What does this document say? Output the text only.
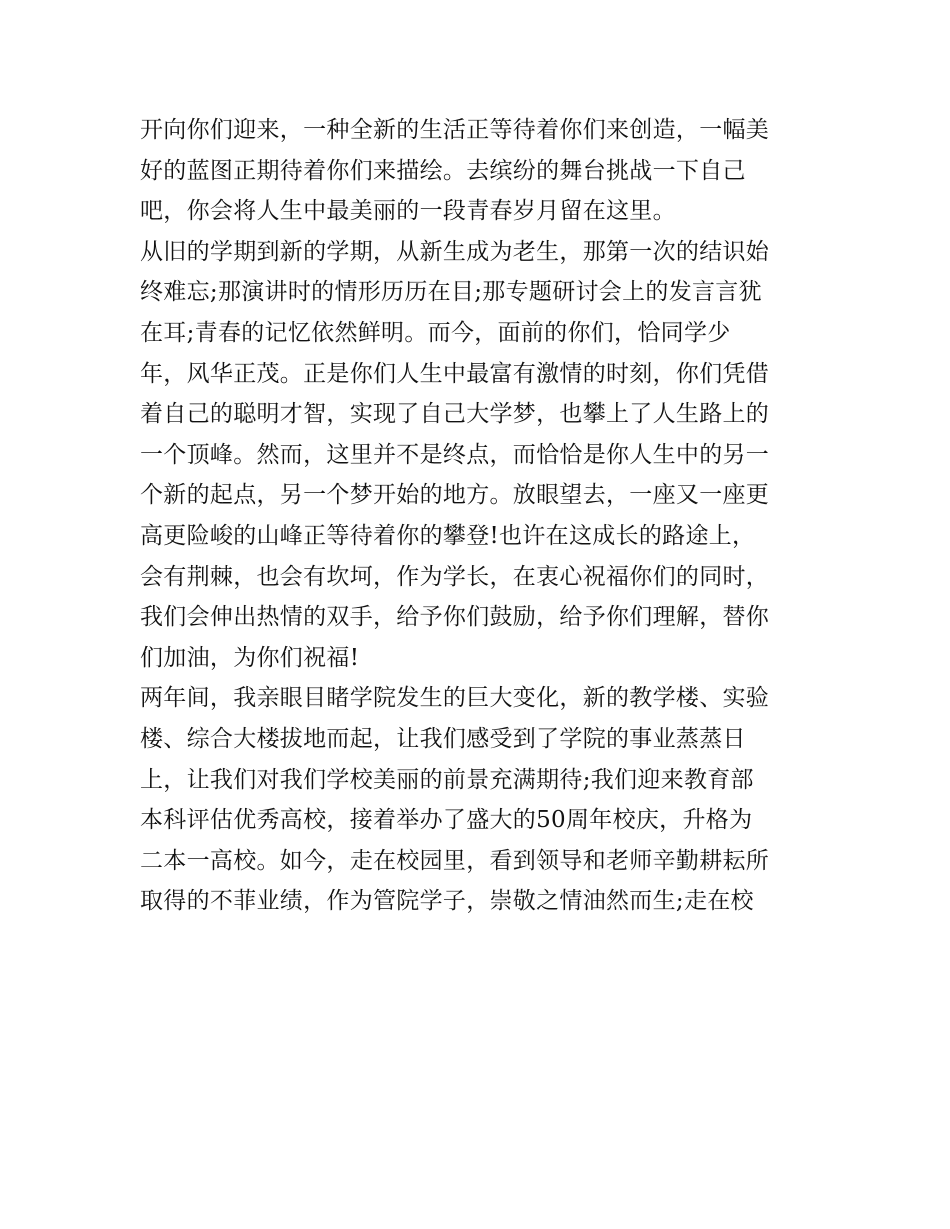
开向你们迎来，一种全新的生活正等待着你们来创造，一幅美
好的蓝图正期待着你们来描绘。去缤纷的舞台挑战一下自己
吧，你会将人生中最美丽的一段青春岁月留在这里。
从旧的学期到新的学期，从新生成为老生，那第一次的结识始
终难忘;那演讲时的情形历历在目;那专题研讨会上的发言言犹
在耳;青春的记忆依然鲜明。而今，面前的你们，恰同学少
年，风华正茂。正是你们人生中最富有激情的时刻，你们凭借
着自己的聪明才智，实现了自己大学梦，也攀上了人生路上的
一个顶峰。然而，这里并不是终点，而恰恰是你人生中的另一
个新的起点，另一个梦开始的地方。放眼望去，一座又一座更
高更险峻的山峰正等待着你的攀登!也许在这成长的路途上，
会有荆棘，也会有坎坷，作为学长，在衷心祝福你们的同时，
我们会伸出热情的双手，给予你们鼓励，给予你们理解，替你
们加油，为你们祝福!
两年间，我亲眼目睹学院发生的巨大变化，新的教学楼、实验
楼、综合大楼拔地而起，让我们感受到了学院的事业蒸蒸日
上，让我们对我们学校美丽的前景充满期待;我们迎来教育部
本科评估优秀高校，接着举办了盛大的50周年校庆，升格为
二本一高校。如今，走在校园里，看到领导和老师辛勤耕耘所
取得的不菲业绩，作为管院学子，崇敬之情油然而生;走在校
